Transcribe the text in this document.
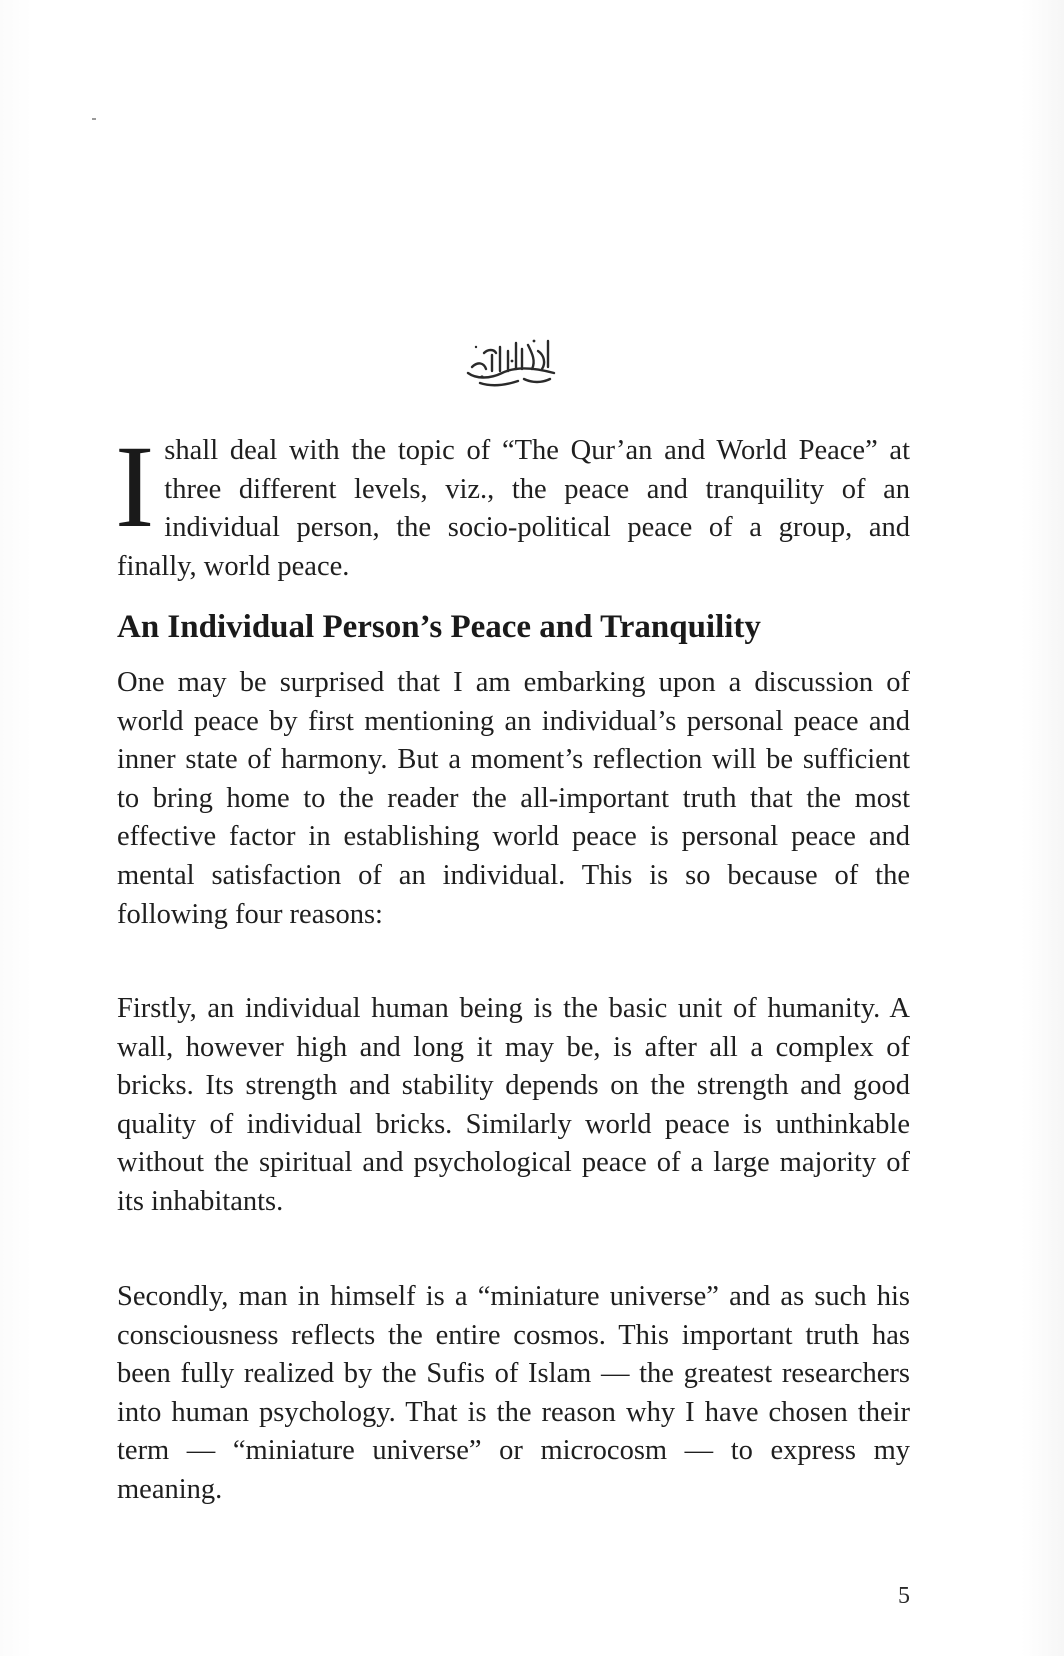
I shall deal with the topic of “The Qur’an and World Peace” at three different levels, viz., the peace and tranquility of an individual person, the socio-political peace of a group, and finally, world peace.

An Individual Person’s Peace and Tranquility

One may be surprised that I am embarking upon a discussion of world peace by first mentioning an individual’s personal peace and inner state of harmony. But a moment’s reflection will be sufficient to bring home to the reader the all-important truth that the most effective factor in establishing world peace is personal peace and mental satisfaction of an individual. This is so because of the following four reasons:

Firstly, an individual human being is the basic unit of humanity. A wall, however high and long it may be, is after all a complex of bricks. Its strength and stability depends on the strength and good quality of individual bricks. Similarly world peace is unthinkable without the spiritual and psychological peace of a large majority of its inhabitants.

Secondly, man in himself is a “miniature universe” and as such his consciousness reflects the entire cosmos. This important truth has been fully realized by the Sufis of Islam — the greatest researchers into human psychology. That is the reason why I have chosen their term — “miniature universe” or microcosm — to express my meaning.

5
